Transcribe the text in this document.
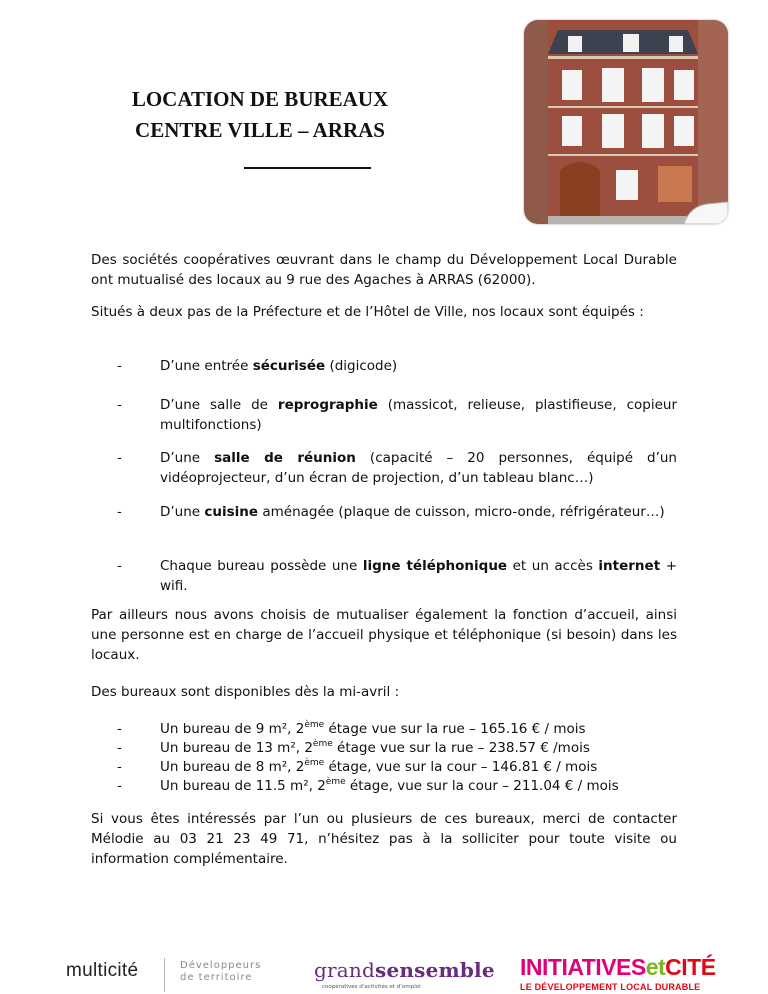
LOCATION DE BUREAUX
CENTRE VILLE – ARRAS

Des sociétés coopératives œuvrant dans le champ du Développement Local Durable ont mutualisé des locaux au 9 rue des Agaches à ARRAS (62000).

Situés à deux pas de la Préfecture et de l’Hôtel de Ville, nos locaux sont équipés :

-	D’une entrée sécurisée (digicode)
-	D’une salle de reprographie (massicot, relieuse, plastifieuse, copieur multifonctions)
-	D’une salle de réunion (capacité – 20 personnes, équipé d’un vidéoprojecteur, d’un écran de projection, d’un tableau blanc…)
-	D’une cuisine aménagée (plaque de cuisson, micro-onde, réfrigérateur…)
-	Chaque bureau possède une ligne téléphonique et un accès internet + wifi.

Par ailleurs nous avons choisis de mutualiser également la fonction d’accueil, ainsi une personne est en charge de l’accueil physique et téléphonique (si besoin) dans les locaux.

Des bureaux sont disponibles dès la mi-avril :

-	Un bureau de 9 m², 2ème étage vue sur la rue – 165.16 € / mois
-	Un bureau de 13 m², 2ème étage vue sur la rue – 238.57 € /mois
-	Un bureau de 8 m², 2ème étage, vue sur la cour – 146.81 € / mois
-	Un bureau de 11.5 m², 2ème étage, vue sur la cour – 211.04 € / mois

Si vous êtes intéressés par l’un ou plusieurs de ces bureaux, merci de contacter Mélodie au 03 21 23 49 71, n’hésitez pas à la solliciter pour toute visite ou information complémentaire.

multicité	Développeurs
de territoire	grandsensemble
coopératives d’activités et d’emploi
INITIATIVESetCITÉ
LE DÉVELOPPEMENT LOCAL DURABLE
